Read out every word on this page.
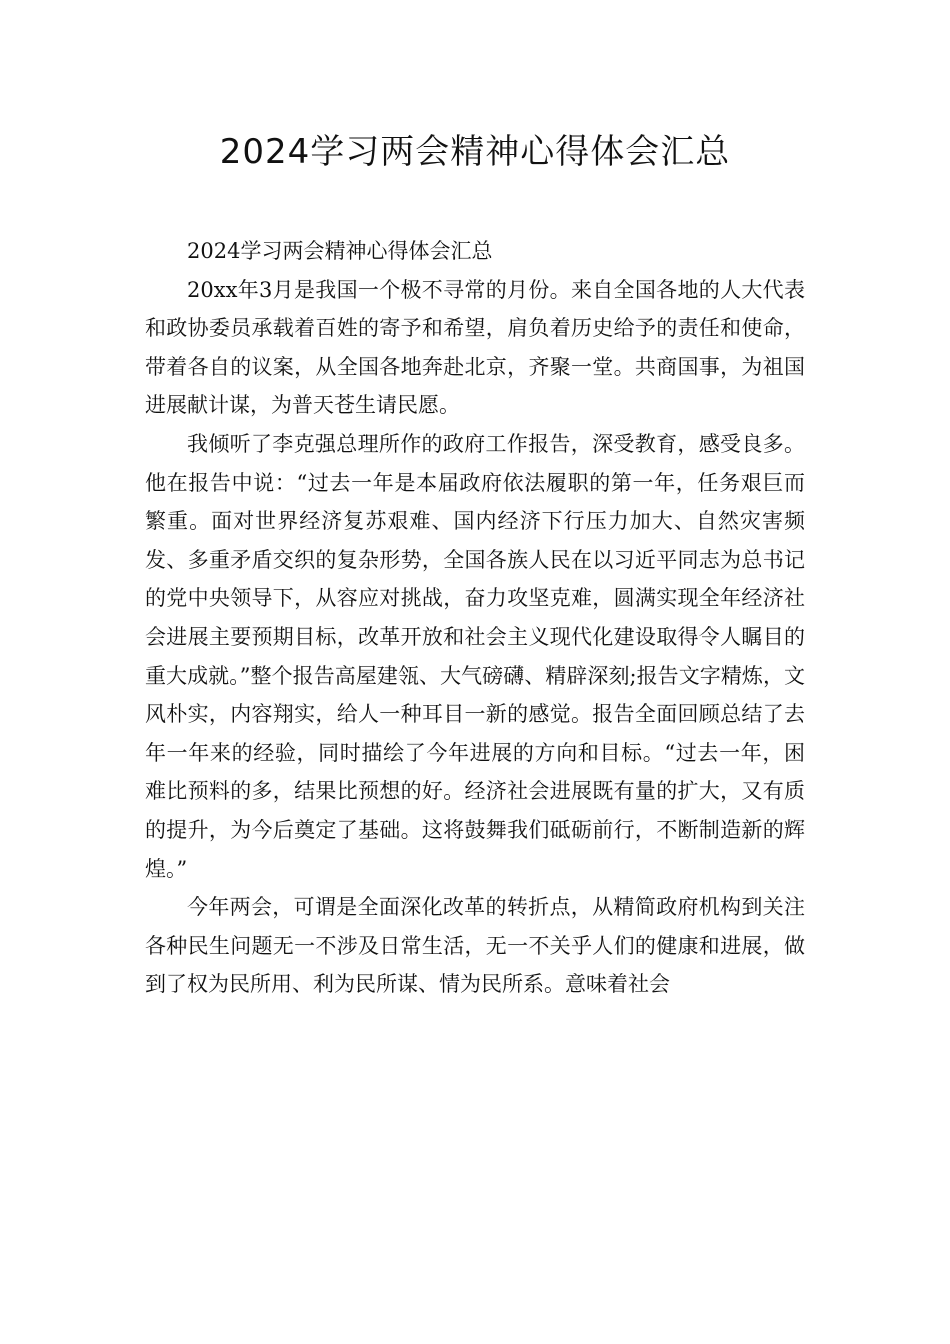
2024学习两会精神心得体会汇总

2024学习两会精神心得体会汇总

20xx年3月是我国一个极不寻常的月份。来自全国各地的人大代表和政协委员承载着百姓的寄予和希望，肩负着历史给予的责任和使命，带着各自的议案，从全国各地奔赴北京，齐聚一堂。共商国事，为祖国进展献计谋，为普天苍生请民愿。

我倾听了李克强总理所作的政府工作报告，深受教育，感受良多。他在报告中说：“过去一年是本届政府依法履职的第一年，任务艰巨而繁重。面对世界经济复苏艰难、国内经济下行压力加大、自然灾害频发、多重矛盾交织的复杂形势，全国各族人民在以习近平同志为总书记的党中央领导下，从容应对挑战，奋力攻坚克难，圆满实现全年经济社会进展主要预期目标，改革开放和社会主义现代化建设取得令人瞩目的重大成就。”整个报告高屋建瓴、大气磅礴、精辟深刻;报告文字精炼，文风朴实，内容翔实，给人一种耳目一新的感觉。报告全面回顾总结了去年一年来的经验，同时描绘了今年进展的方向和目标。“过去一年，困难比预料的多，结果比预想的好。经济社会进展既有量的扩大，又有质的提升，为今后奠定了基础。这将鼓舞我们砥砺前行，不断制造新的辉煌。”

今年两会，可谓是全面深化改革的转折点，从精简政府机构到关注各种民生问题无一不涉及日常生活，无一不关乎人们的健康和进展，做到了权为民所用、利为民所谋、情为民所系。意味着社会
